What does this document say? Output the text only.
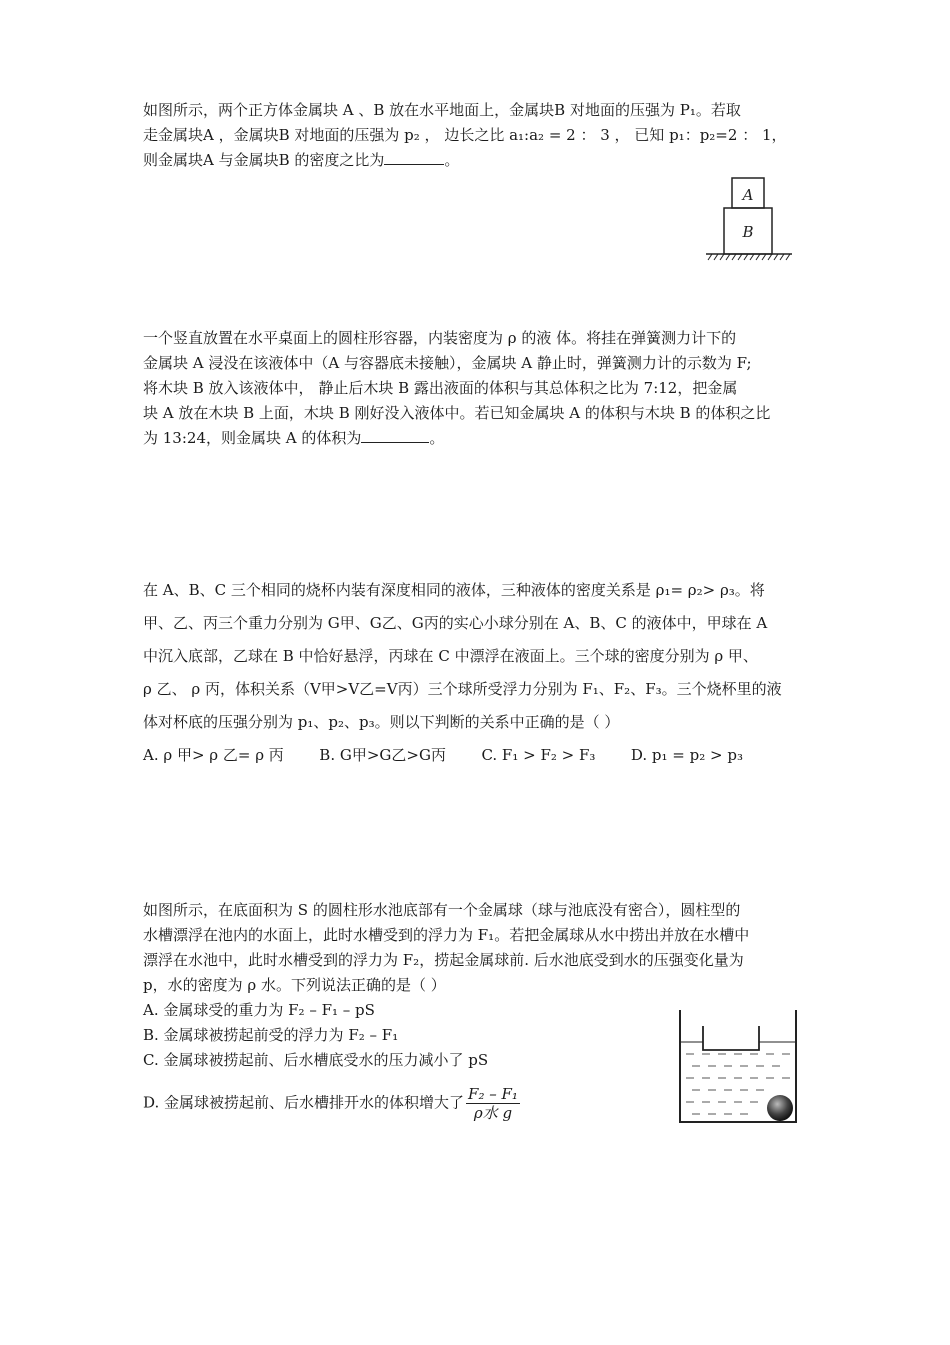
如图所示，两个正方体金属块 A 、B 放在水平地面上，金属块B 对地面的压强为 P₁。若取

走金属块A ，金属块B 对地面的压强为 p₂ ， 边长之比 a₁:a₂ = 2 ： 3 ， 已知 p₁：p₂=2 ： 1，

则金属块A 与金属块B 的密度之比为	。

A
B

一个竖直放置在水平桌面上的圆柱形容器，内装密度为 ρ 的液 体。将挂在弹簧测力计下的

金属块 A 浸没在该液体中（A 与容器底未接触），金属块 A 静止时，弹簧测力计的示数为 F;

将木块 B 放入该液体中， 静止后木块 B 露出液面的体积与其总体积之比为 7:12，把金属

块 A 放在木块 B 上面，木块 B 刚好没入液体中。若已知金属块 A 的体积与木块 B 的体积之比

为 13:24，则金属块 A 的体积为	。

在 A、B、C 三个相同的烧杯内装有深度相同的液体，三种液体的密度关系是 ρ₁= ρ₂> ρ₃。将

甲、乙、丙三个重力分别为 G甲、G乙、G丙的实心小球分别在 A、B、C 的液体中，甲球在 A

中沉入底部，乙球在 B 中恰好悬浮，丙球在 C 中漂浮在液面上。三个球的密度分别为 ρ 甲、

ρ 乙、 ρ 丙，体积关系（V甲>V乙=V丙）三个球所受浮力分别为 F₁、F₂、F₃。三个烧杯里的液

体对杯底的压强分别为 p₁、p₂、p₃。则以下判断的关系中正确的是（ ）

A. ρ 甲> ρ 乙= ρ 丙 B. G甲>G乙>G丙 C. F₁ > F₂ > F₃ D. p₁ = p₂ > p₃

如图所示，在底面积为 S 的圆柱形水池底部有一个金属球（球与池底没有密合），圆柱型的

水槽漂浮在池内的水面上，此时水槽受到的浮力为 F₁。若把金属球从水中捞出并放在水槽中

漂浮在水池中，此时水槽受到的浮力为 F₂，捞起金属球前. 后水池底受到水的压强变化量为

p，水的密度为 ρ 水。下列说法正确的是（ ）

A. 金属球受的重力为 F₂ – F₁ – pS

B. 金属球被捞起前受的浮力为 F₂ – F₁

C. 金属球被捞起前、后水槽底受水的压力减小了 pS

D. 金属球被捞起前、后水槽排开水的体积增大了 $\frac{\text{F₂ – F₁}}{\text{ρ水 g}}$
